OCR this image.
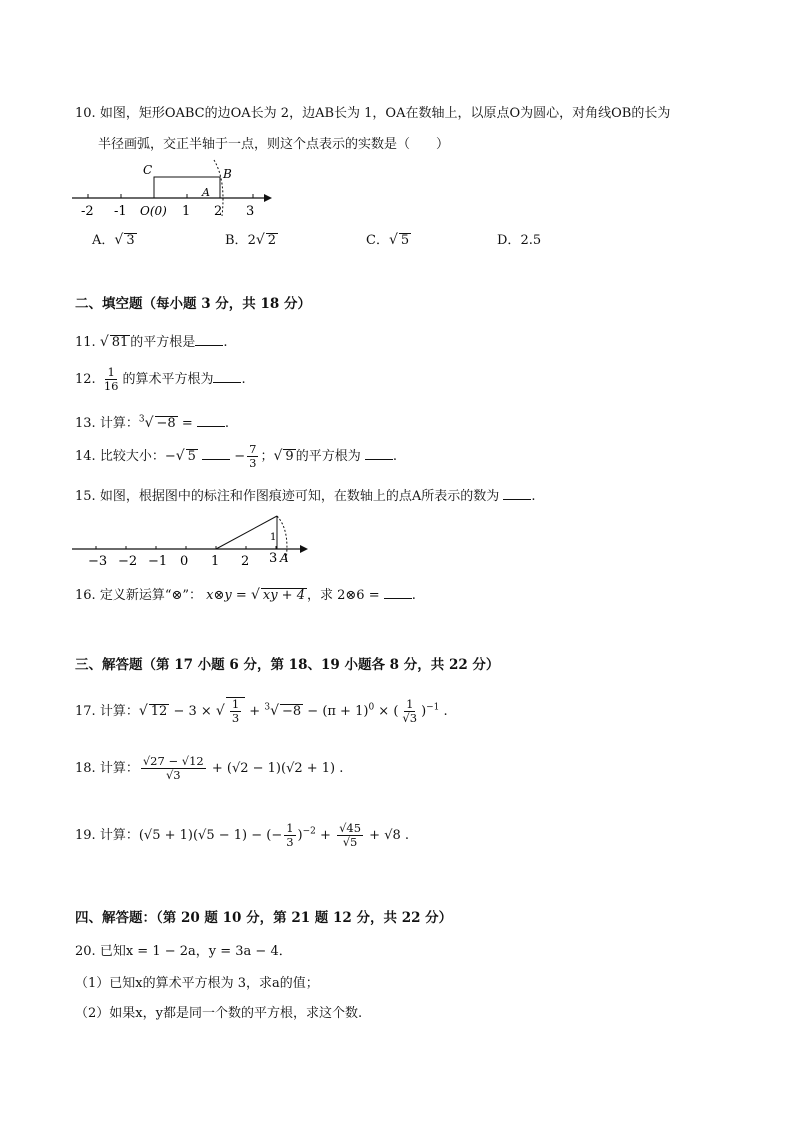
10. 如图，矩形OABC的边OA长为 2，边AB长为 1，OA在数轴上，以原点O为圆心，对角线OB的长为
半径画弧，交正半轴于一点，则这个点表示的实数是（　　）
-2 -1 O(0) 1 2 3
C	B
A
A．√ 3	B．2√ 2	C．√ 5	D．2.5
二、填空题（每小题 3 分，共 18 分）
11. √ 81 的平方根是 .
12. $\frac{1}{16}$ 的算术平方根为 .
13. 计算：$^3$√ −8 = .
14. 比较大小：−√ 5	− $\frac{7}{3}$ ；√ 9 的平方根为 .
15. 如图，根据图中的标注和作图痕迹可知，在数轴上的点A所表示的数为 .
−3 −2 −1 0 1 2 3 A
1
16. 定义新运算“⊗”： x⊗y = √ xy + 4 ，求 2⊗6 = .
三、解答题（第 17 小题 6 分，第 18、19 小题各 8 分，共 22 分）
17. 计算：√ 12 − 3 × √ $\frac{1}{3} + ^3√ -8 - (\pi + 1)^0$ × ( $\frac{1}{√3} )^{-1}$ .
18. 计算： $\frac{√27 - √12}{√3} + (√2 - 1)(√2 + 1)$ .
19. 计算：(√5 + 1)(√5 − 1) − (− $\frac{1}{3} )^{-2} + \frac{√45}{√5} + √8$ .
四、解答题：（第 20 题 10 分，第 21 题 12 分，共 22 分）
20. 已知x = 1 − 2a，y = 3a − 4．
（1）已知x的算术平方根为 3，求a的值；
（2）如果x，y都是同一个数的平方根，求这个数.
